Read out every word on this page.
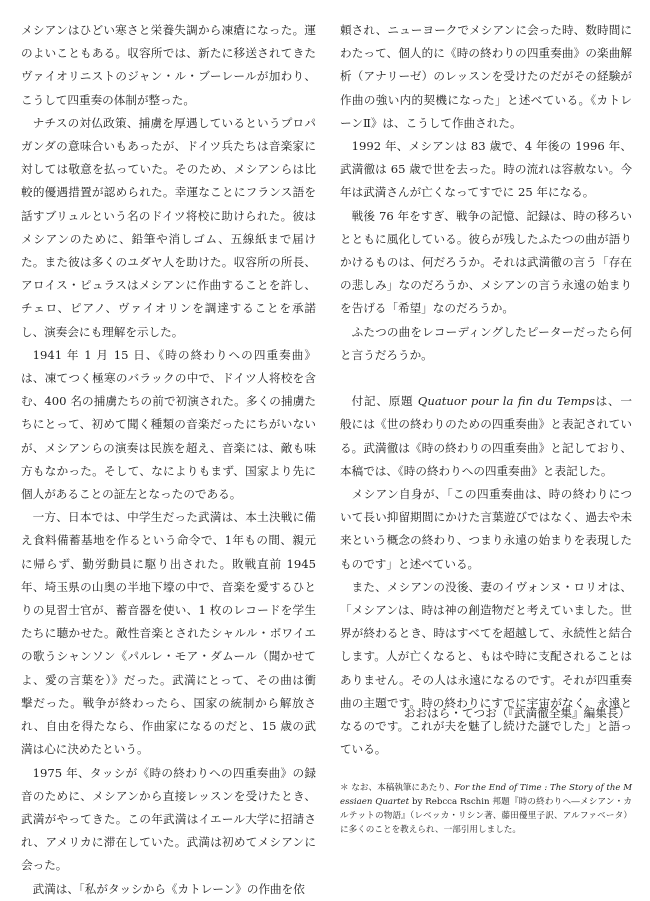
メシアンはひどい寒さと栄養失調から凍瘡になった。運のよいこともある。収容所では、新たに移送されてきたヴァイオリニストのジャン・ル・ブーレールが加わり、こうして四重奏の体制が整った。

ナチスの対仏政策、捕虜を厚遇しているというプロパガンダの意味合いもあったが、ドイツ兵たちは音楽家に対しては敬意を払っていた。そのため、メシアンらは比較的優遇措置が認められた。幸運なことにフランス語を話すブリュルという名のドイツ将校に助けられた。彼はメシアンのために、鉛筆や消しゴム、五線紙まで届けた。また彼は多くのユダヤ人を助けた。収容所の所長、アロイス・ピュラスはメシアンに作曲することを許し、チェロ、ピアノ、ヴァイオリンを調達することを承諾し、演奏会にも理解を示した。

1941 年 1 月 15 日、《時の終わりへの四重奏曲》は、凍てつく極寒のバラックの中で、ドイツ人将校を含む、400 名の捕虜たちの前で初演された。多くの捕虜たちにとって、初めて聞く種類の音楽だったにちがいないが、メシアンらの演奏は民族を超え、音楽には、敵も味方もなかった。そして、なによりもまず、国家より先に個人があることの証左となったのである。

一方、日本では、中学生だった武満は、本土決戦に備え食料備蓄基地を作るという命令で、1年もの間、親元に帰らず、勤労動員に駆り出された。敗戦直前 1945 年、埼玉県の山奥の半地下壕の中で、音楽を愛するひとりの見習士官が、蓄音器を使い、1 枚のレコードを学生たちに聴かせた。敵性音楽とされたシャルル・ボワイエの歌うシャンソン《パルレ・モア・ダムール（聞かせてよ、愛の言葉を）》だった。武満にとって、その曲は衝撃だった。戦争が終わったら、国家の統制から解放され、自由を得たなら、作曲家になるのだと、15 歳の武満は心に決めたという。

1975 年、タッシが《時の終わりへの四重奏曲》の録音のために、メシアンから直接レッスンを受けたとき、武満がやってきた。この年武満はイエール大学に招請され、アメリカに滞在していた。武満は初めてメシアンに会った。

武満は、「私がタッシから《カトレーン》の作曲を依

頼され、ニューヨークでメシアンに会った時、数時間にわたって、個人的に《時の終わりの四重奏曲》の楽曲解析（アナリーゼ）のレッスンを受けたのだがその経験が作曲の強い内的契機になった」と述べている。《カトレーンⅡ》は、こうして作曲された。

1992 年、メシアンは 83 歳で、4 年後の 1996 年、武満徹は 65 歳で世を去った。時の流れは容赦ない。今年は武満さんが亡くなってすでに 25 年になる。

戦後 76 年をすぎ、戦争の記憶、記録は、時の移ろいとともに風化している。彼らが残したふたつの曲が語りかけるものは、何だろうか。それは武満徹の言う「存在の悲しみ」なのだろうか、メシアンの言う永遠の始まりを告げる「希望」なのだろうか。

ふたつの曲をレコーディングしたピーターだったら何と言うだろうか。

付記、原題 Quatuor pour la fin du Tempsは、一般には《世の終わりのための四重奏曲》と表記されている。武満徹は《時の終わりの四重奏曲》と記しており、本稿では、《時の終わりへの四重奏曲》と表記した。

メシアン自身が、「この四重奏曲は、時の終わりについて長い抑留期間にかけた言葉遊びではなく、過去や未来という概念の終わり、つまり永遠の始まりを表現したものです」と述べている。

また、メシアンの没後、妻のイヴォンヌ・ロリオは、「メシアンは、時は神の創造物だと考えていました。世界が終わるとき、時はすべてを超越して、永続性と結合します。人が亡くなると、もはや時に支配されることはありません。その人は永遠になるのです。それが四重奏曲の主題です。時の終わりにすでに宇宙がなく、永遠となるのです。これが夫を魅了し続けた謎でした」と語っている。

＊ なお、本稿執筆にあたり、For the End of Time : The Story of the Messiaen Quartet by Rebcca Rschin 邦題『時の終わりへ―メシアン・カルテットの物語』（レベッカ・リシン著、藤田優里子訳、アルファベータ）に多くのことを教えられ、一部引用しました。
おおはら・てつお（『武満徹全集』編集長）
